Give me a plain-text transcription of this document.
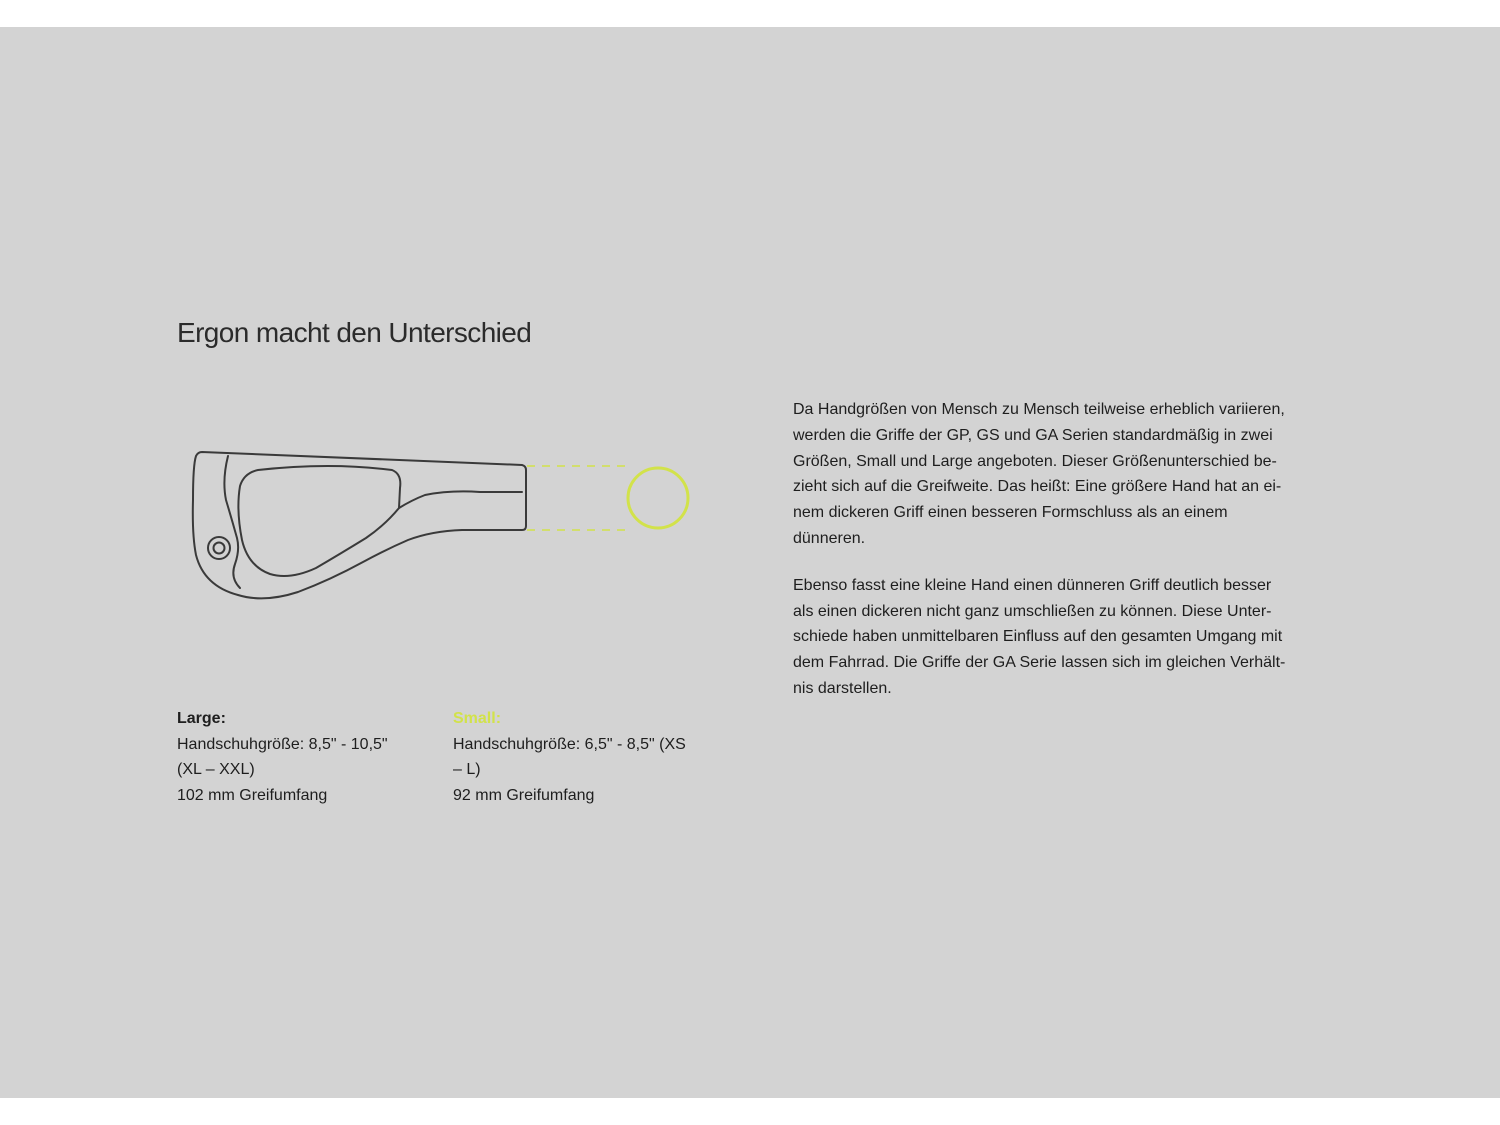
Ergon macht den Unterschied
Large:
Handschuhgröße: 8,5" - 10,5"
(XL – XXL)
102 mm Greifumfang
Small:
Handschuhgröße: 6,5" - 8,5" (XS
– L)
92 mm Greifumfang

Da Handgrößen von Mensch zu Mensch teilweise erheblich variieren,
werden die Griffe der GP, GS und GA Serien standardmäßig in zwei
Größen, Small und Large angeboten. Dieser Größenunterschied be-
zieht sich auf die Greifweite. Das heißt: Eine größere Hand hat an ei-
nem dickeren Griff einen besseren Formschluss als an einem
dünneren.

Ebenso fasst eine kleine Hand einen dünneren Griff deutlich besser
als einen dickeren nicht ganz umschließen zu können. Diese Unter-
schiede haben unmittelbaren Einfluss auf den gesamten Umgang mit
dem Fahrrad. Die Griffe der GA Serie lassen sich im gleichen Verhält-
nis darstellen.
